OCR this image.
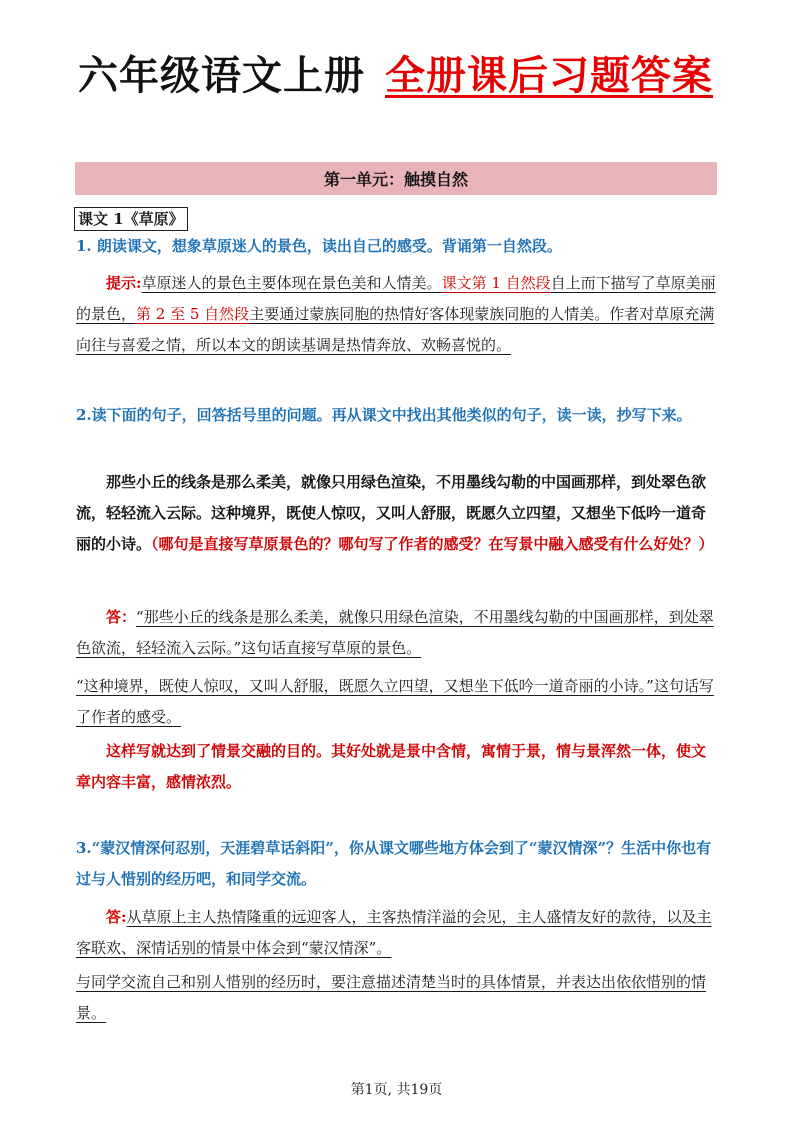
六年级语文上册 全册课后习题答案
第一单元：触摸自然
课文 1《草原》
1. 朗读课文，想象草原迷人的景色，读出自己的感受。背诵第一自然段。
提示:草原迷人的景色主要体现在景色美和人情美。课文第 1 自然段自上而下描写了草原美丽的景色，第 2 至 5 自然段主要通过蒙族同胞的热情好客体现蒙族同胞的人情美。作者对草原充满向往与喜爱之情，所以本文的朗读基调是热情奔放、欢畅喜悦的。
2.读下面的句子，回答括号里的问题。再从课文中找出其他类似的句子，读一读，抄写下来。
那些小丘的线条是那么柔美，就像只用绿色渲染，不用墨线勾勒的中国画那样，到处翠色欲流，轻轻流入云际。这种境界，既使人惊叹，又叫人舒服，既愿久立四望，又想坐下低吟一道奇丽的小诗。（哪句是直接写草原景色的？哪句写了作者的感受？在写景中融入感受有什么好处？）
答：“那些小丘的线条是那么柔美，就像只用绿色渲染，不用墨线勾勒的中国画那样，到处翠色欲流，轻轻流入云际。”这句话直接写草原的景色。
“这种境界，既使人惊叹，又叫人舒服，既愿久立四望，又想坐下低吟一道奇丽的小诗。”这句话写了作者的感受。
这样写就达到了情景交融的目的。其好处就是景中含情，寓情于景，情与景浑然一体，使文章内容丰富，感情浓烈。
3.“蒙汉情深何忍别，天涯碧草话斜阳”，你从课文哪些地方体会到了“蒙汉情深”？生活中你也有过与人惜别的经历吧，和同学交流。
答:从草原上主人热情隆重的远迎客人，主客热情洋溢的会见，主人盛情友好的款待，以及主客联欢、深情话别的情景中体会到“蒙汉情深”。
与同学交流自己和别人惜别的经历时，要注意描述清楚当时的具体情景，并表达出依依惜别的情景。
第1页, 共19页
